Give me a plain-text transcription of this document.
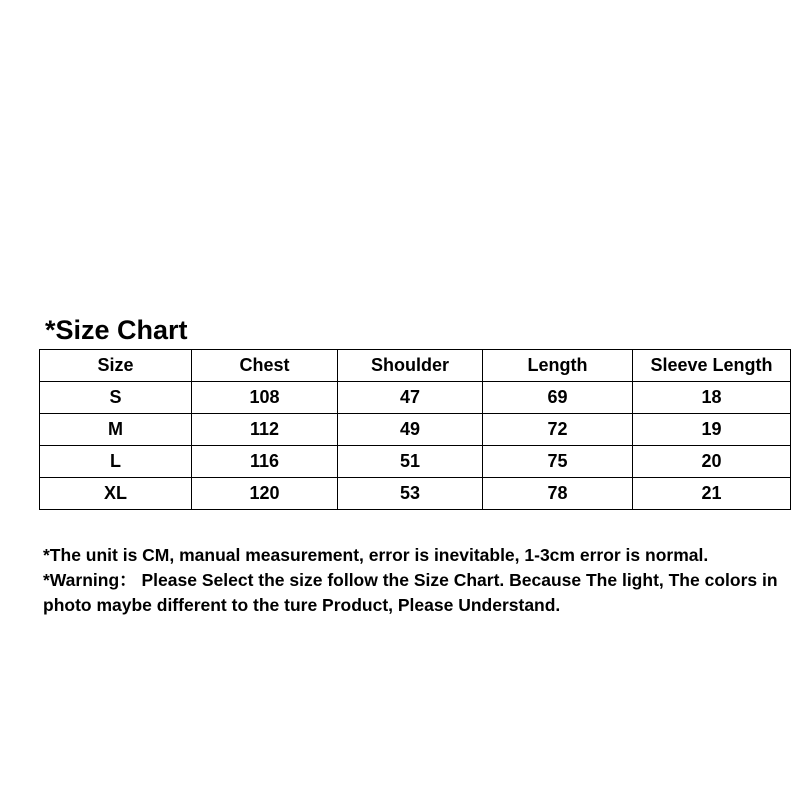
*Size Chart
Size	Chest	Shoulder	Length	Sleeve Length
S	108	47	69	18
M	112	49	72	19
L	116	51	75	20
XL	120	53	78	21

*The unit is CM, manual measurement, error is inevitable, 1-3cm error is normal.

*Warning： Please Select the size follow the Size Chart. Because The light, The colors in photo maybe different to the ture Product, Please Understand.
